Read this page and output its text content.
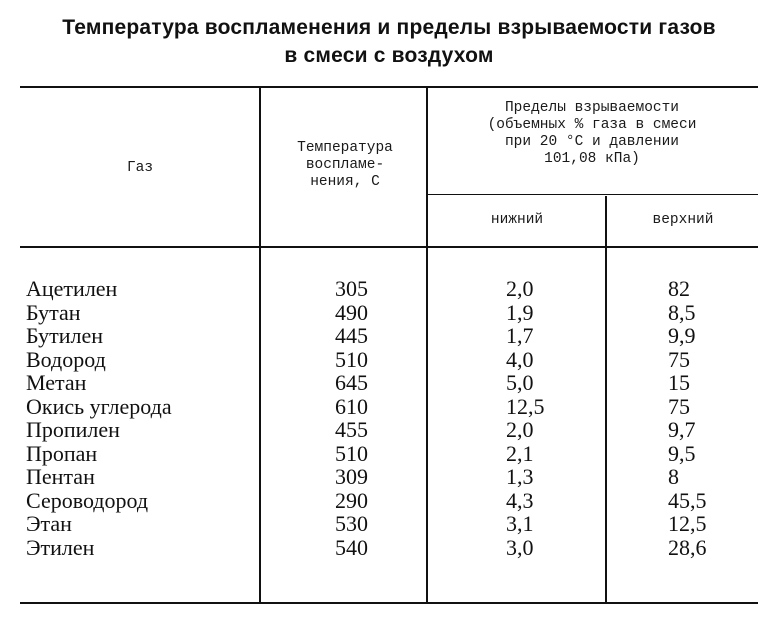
Температура воспламенения и пределы взрываемости газов
в смеси с воздухом
Газ
Температура
воспламе-
нения, С
Пределы взрываемости
(объемных % газа в смеси
при 20 °С и давлении
101,08 кПа)
нижний	верхний
Ацетилен	305	2,0	82
Бутан	490	1,9	8,5
Бутилен	445	1,7	9,9
Водород	510	4,0	75
Метан	645	5,0	15
Окись углерода	610	12,5	75
Пропилен	455	2,0	9,7
Пропан	510	2,1	9,5
Пентан	309	1,3	8
Сероводород	290	4,3	45,5
Этан	530	3,1	12,5
Этилен	540	3,0	28,6
